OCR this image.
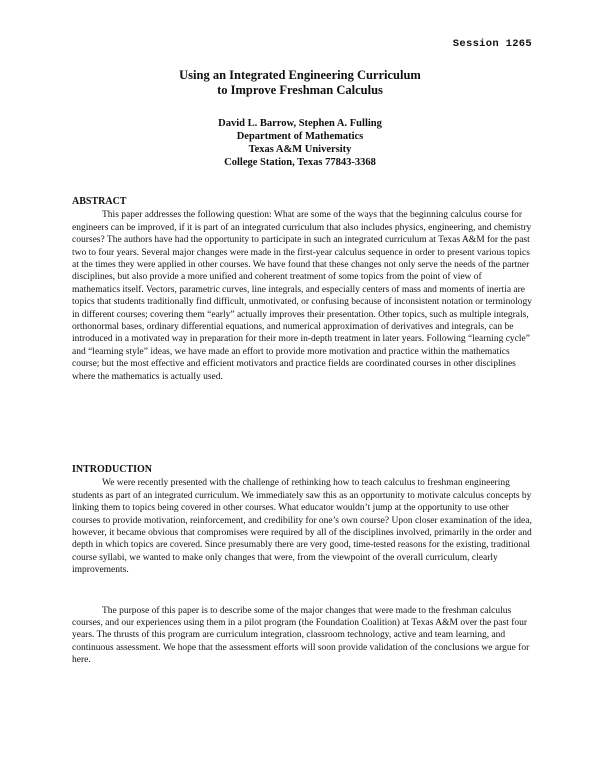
Session 1265
Using an Integrated Engineering Curriculum
to Improve Freshman Calculus
David L. Barrow, Stephen A. Fulling
Department of Mathematics
Texas A&M University
College Station, Texas 77843-3368
ABSTRACT

This paper addresses the following question: What are some of the ways that the beginning calculus course for engineers can be improved, if it is part of an integrated curriculum that also includes physics, engineering, and chemistry courses? The authors have had the opportunity to participate in such an integrated curriculum at Texas A&M for the past two to four years. Several major changes were made in the first-year calculus sequence in order to present various topics at the times they were applied in other courses. We have found that these changes not only serve the needs of the partner disciplines, but also provide a more unified and coherent treatment of some topics from the point of view of mathematics itself. Vectors, parametric curves, line integrals, and especially centers of mass and moments of inertia are topics that students traditionally find difficult, unmotivated, or confusing because of inconsistent notation or terminology in different courses; covering them “early” actually improves their presentation. Other topics, such as multiple integrals, orthonormal bases, ordinary differential equations, and numerical approximation of derivatives and integrals, can be introduced in a motivated way in preparation for their more in-depth treatment in later years. Following “learning cycle” and “learning style” ideas, we have made an effort to provide more motivation and practice within the mathematics course; but the most effective and efficient motivators and practice fields are coordinated courses in other disciplines where the mathematics is actually used.

INTRODUCTION

We were recently presented with the challenge of rethinking how to teach calculus to freshman engineering students as part of an integrated curriculum. We immediately saw this as an opportunity to motivate calculus concepts by linking them to topics being covered in other courses. What educator wouldn’t jump at the opportunity to use other courses to provide motivation, reinforcement, and credibility for one’s own course? Upon closer examination of the idea, however, it became obvious that compromises were required by all of the disciplines involved, primarily in the order and depth in which topics are covered. Since presumably there are very good, time-tested reasons for the existing, traditional course syllabi, we wanted to make only changes that were, from the viewpoint of the overall curriculum, clearly improvements.

The purpose of this paper is to describe some of the major changes that were made to the freshman calculus courses, and our experiences using them in a pilot program (the Foundation Coalition) at Texas A&M over the past four years. The thrusts of this program are curriculum integration, classroom technology, active and team learning, and continuous assessment. We hope that the assessment efforts will soon provide validation of the conclusions we argue for here.
